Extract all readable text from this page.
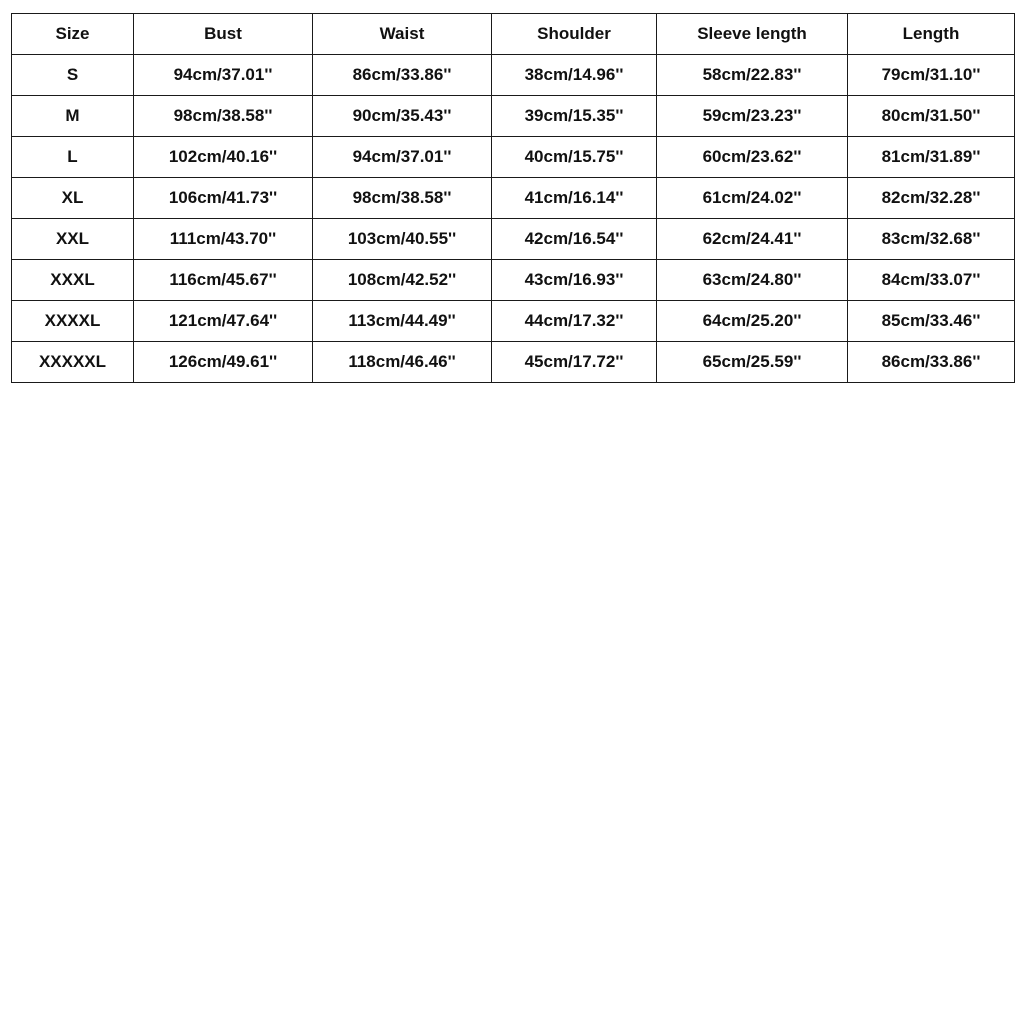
Size	Bust	Waist	Shoulder	Sleeve length	Length
S	94cm/37.01''	86cm/33.86''	38cm/14.96''	58cm/22.83''	79cm/31.10''
M	98cm/38.58''	90cm/35.43''	39cm/15.35''	59cm/23.23''	80cm/31.50''
L	102cm/40.16''	94cm/37.01''	40cm/15.75''	60cm/23.62''	81cm/31.89''
XL	106cm/41.73''	98cm/38.58''	41cm/16.14''	61cm/24.02''	82cm/32.28''
XXL	111cm/43.70''	103cm/40.55''	42cm/16.54''	62cm/24.41''	83cm/32.68''
XXXL	116cm/45.67''	108cm/42.52''	43cm/16.93''	63cm/24.80''	84cm/33.07''
XXXXL	121cm/47.64''	113cm/44.49''	44cm/17.32''	64cm/25.20''	85cm/33.46''
XXXXXL	126cm/49.61''	118cm/46.46''	45cm/17.72''	65cm/25.59''	86cm/33.86''
